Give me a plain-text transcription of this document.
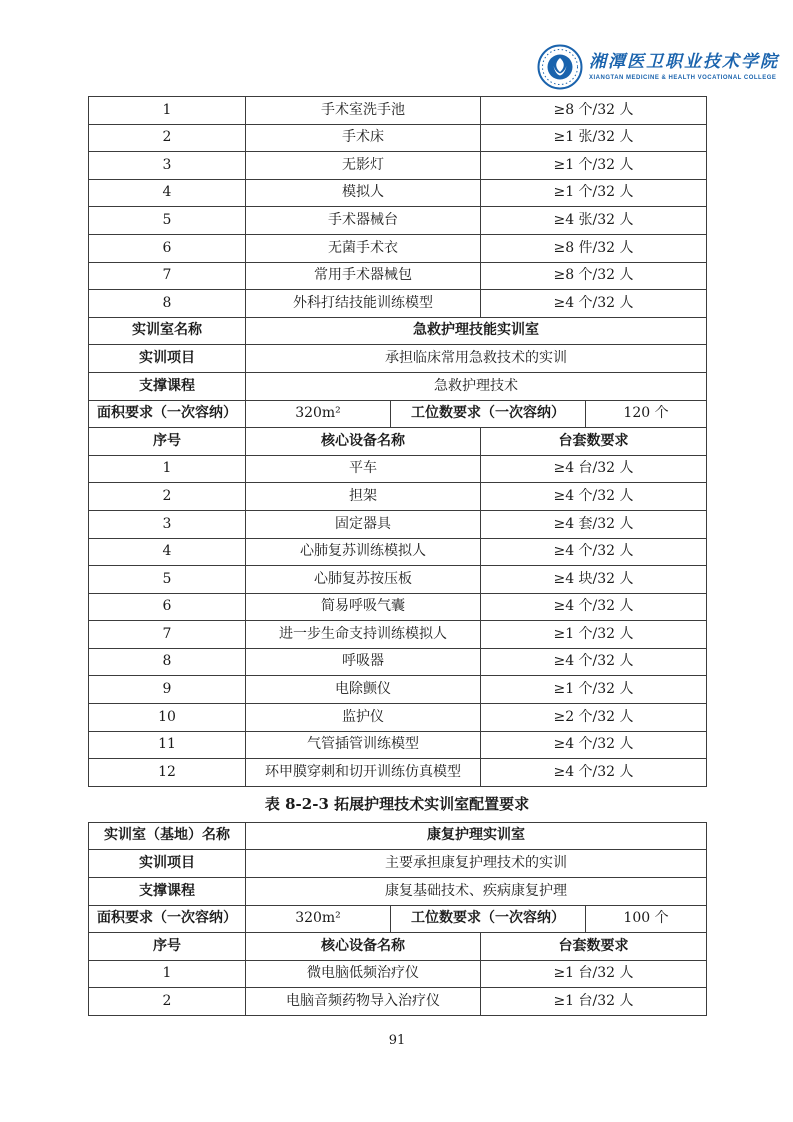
湘潭医卫职业技术学院
XIANGTAN MEDICINE & HEALTH VOCATIONAL COLLEGE
1	手术室洗手池		≥8 个/32 人	
2	手术床		≥1 张/32 人	
3	无影灯		≥1 个/32 人	
4	模拟人		≥1 个/32 人	
5	手术器械台		≥4 张/32 人	
6	无菌手术衣		≥8 件/32 人	
7	常用手术器械包		≥8 个/32 人	
8	外科打结技能训练模型		≥4 个/32 人	
实训室名称	急救护理技能实训室			
实训项目	承担临床常用急救技术的实训			
支撑课程	急救护理技术			
面积要求（一次容纳）	320m²	工位数要求（一次容纳）		120 个
序号	核心设备名称		台套数要求	
1	平车		≥4 台/32 人	
2	担架		≥4 个/32 人	
3	固定器具		≥4 套/32 人	
4	心肺复苏训练模拟人		≥4 个/32 人	
5	心肺复苏按压板		≥4 块/32 人	
6	简易呼吸气囊		≥4 个/32 人	
7	进一步生命支持训练模拟人		≥1 个/32 人	
8	呼吸器		≥4 个/32 人	
9	电除颤仪		≥1 个/32 人	
10	监护仪		≥2 个/32 人	
11	气管插管训练模型		≥4 个/32 人	
12	环甲膜穿刺和切开训练仿真模型		≥4 个/32 人	
表 8-2-3 拓展护理技术实训室配置要求
实训室（基地）名称	康复护理实训室			
实训项目	主要承担康复护理技术的实训			
支撑课程	康复基础技术、疾病康复护理			
面积要求（一次容纳）	320m²	工位数要求（一次容纳）		100 个
序号	核心设备名称		台套数要求	
1	微电脑低频治疗仪		≥1 台/32 人	
2	电脑音频药物导入治疗仪		≥1 台/32 人	
91
